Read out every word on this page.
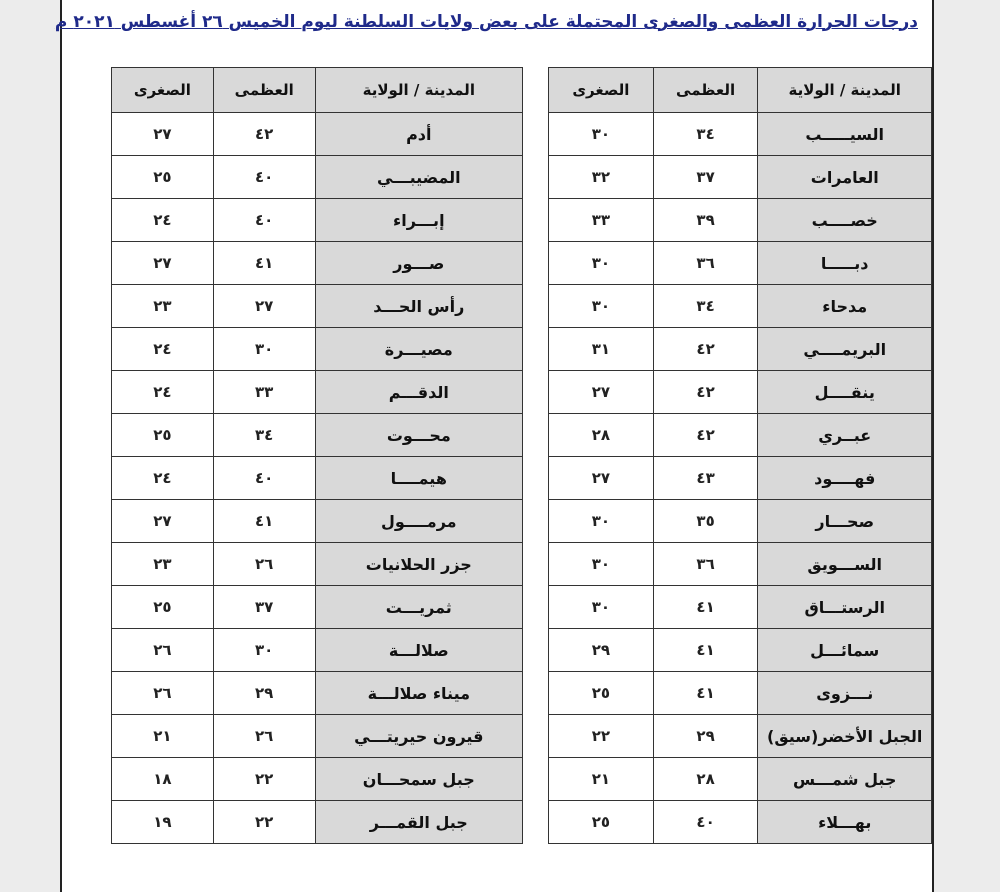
درجات الحرارة العظمى والصغرى المحتملة على بعض ولايات السلطنة ليوم الخميس ٢٦ أغسطس ٢٠٢١ م
المدينة / الولاية	العظمى	الصغرى
السيـــــب	٣٤	٣٠
العامرات	٣٧	٣٢
خصــــب	٣٩	٣٣
دبـــــا	٣٦	٣٠
مدحاء	٣٤	٣٠
البريمــــي	٤٢	٣١
ينقــــل	٤٢	٢٧
عبــري	٤٢	٢٨
فهــــود	٤٣	٢٧
صحـــار	٣٥	٣٠
الســـويق	٣٦	٣٠
الرستـــاق	٤١	٣٠
سمائـــل	٤١	٢٩
نـــزوى	٤١	٢٥
الجبل الأخضر(سيق)	٢٩	٢٢
جبل شمـــس	٢٨	٢١
بهـــلاء	٤٠	٢٥
المدينة / الولاية	العظمى	الصغرى
أدم	٤٢	٢٧
المضيبـــي	٤٠	٢٥
إبـــراء	٤٠	٢٤
صـــور	٤١	٢٧
رأس الحـــد	٢٧	٢٣
مصيـــرة	٣٠	٢٤
الدقـــم	٣٣	٢٤
محـــوت	٣٤	٢٥
هيمــــا	٤٠	٢٤
مرمــــول	٤١	٢٧
جزر الحلانيات	٢٦	٢٣
ثمريـــت	٣٧	٢٥
صلالـــة	٣٠	٢٦
ميناء صلالـــة	٢٩	٢٦
قيرون حيريتـــي	٢٦	٢١
جبل سمحـــان	٢٢	١٨
جبل القمـــر	٢٢	١٩
